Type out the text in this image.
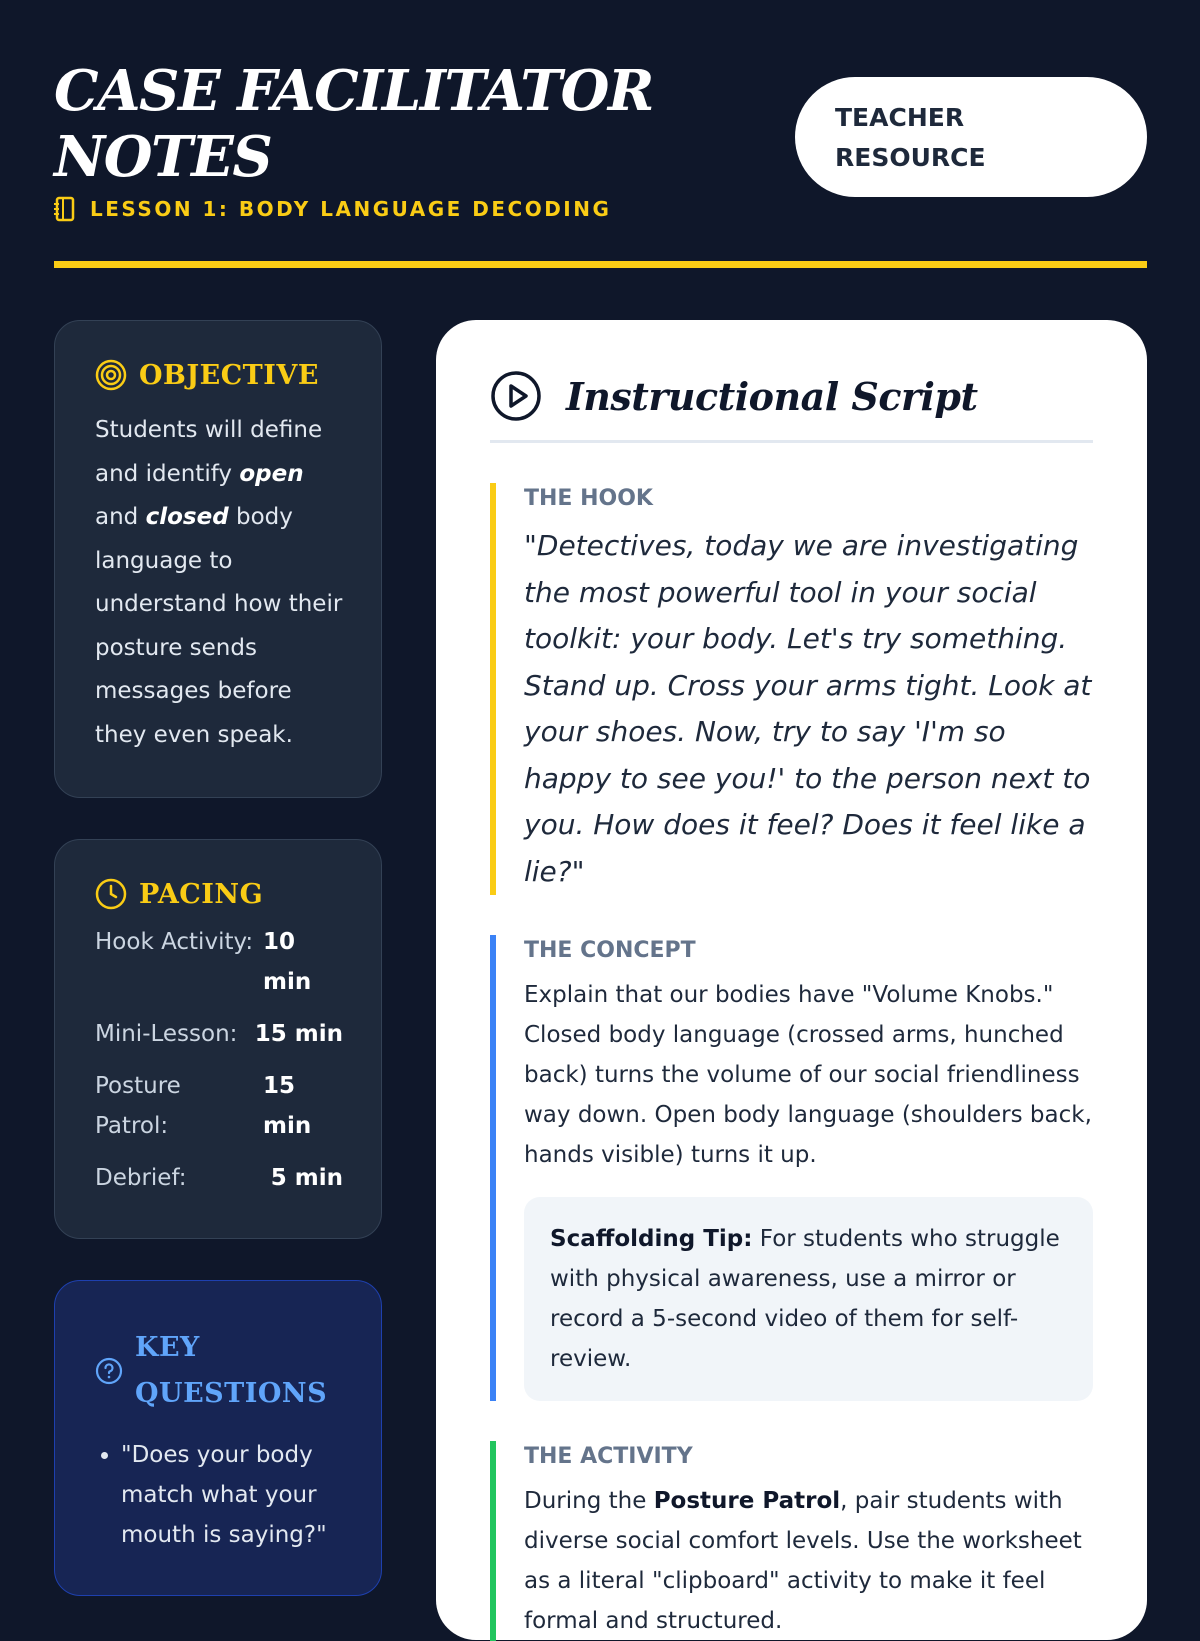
CASE FACILITATOR NOTES
LESSON 1: BODY LANGUAGE DECODING
TEACHER RESOURCE
OBJECTIVE

Students will define and identify open and closed body language to understand how their posture sends messages before they even speak.

PACING
Hook Activity: 10 min
Mini-Lesson: 15 min
Posture Patrol:
15 min
Debrief:	5 min
KEY QUESTIONS
• "Does your body match what your mouth is saying?"
Instructional Script
THE HOOK

"Detectives, today we are investigating the most powerful tool in your social toolkit: your body. Let's try something. Stand up. Cross your arms tight. Look at your shoes. Now, try to say 'I'm so happy to see you!' to the person next to you. How does it feel? Does it feel like a lie?"

THE CONCEPT

Explain that our bodies have "Volume Knobs." Closed body language (crossed arms, hunched back) turns the volume of our social friendliness way down. Open body language (shoulders back, hands visible) turns it up.

Scaffolding Tip: For students who struggle with physical awareness, use a mirror or record a 5-second video of them for self-review.
THE ACTIVITY

During the Posture Patrol, pair students with diverse social comfort levels. Use the worksheet as a literal "clipboard" activity to make it feel formal and structured.
